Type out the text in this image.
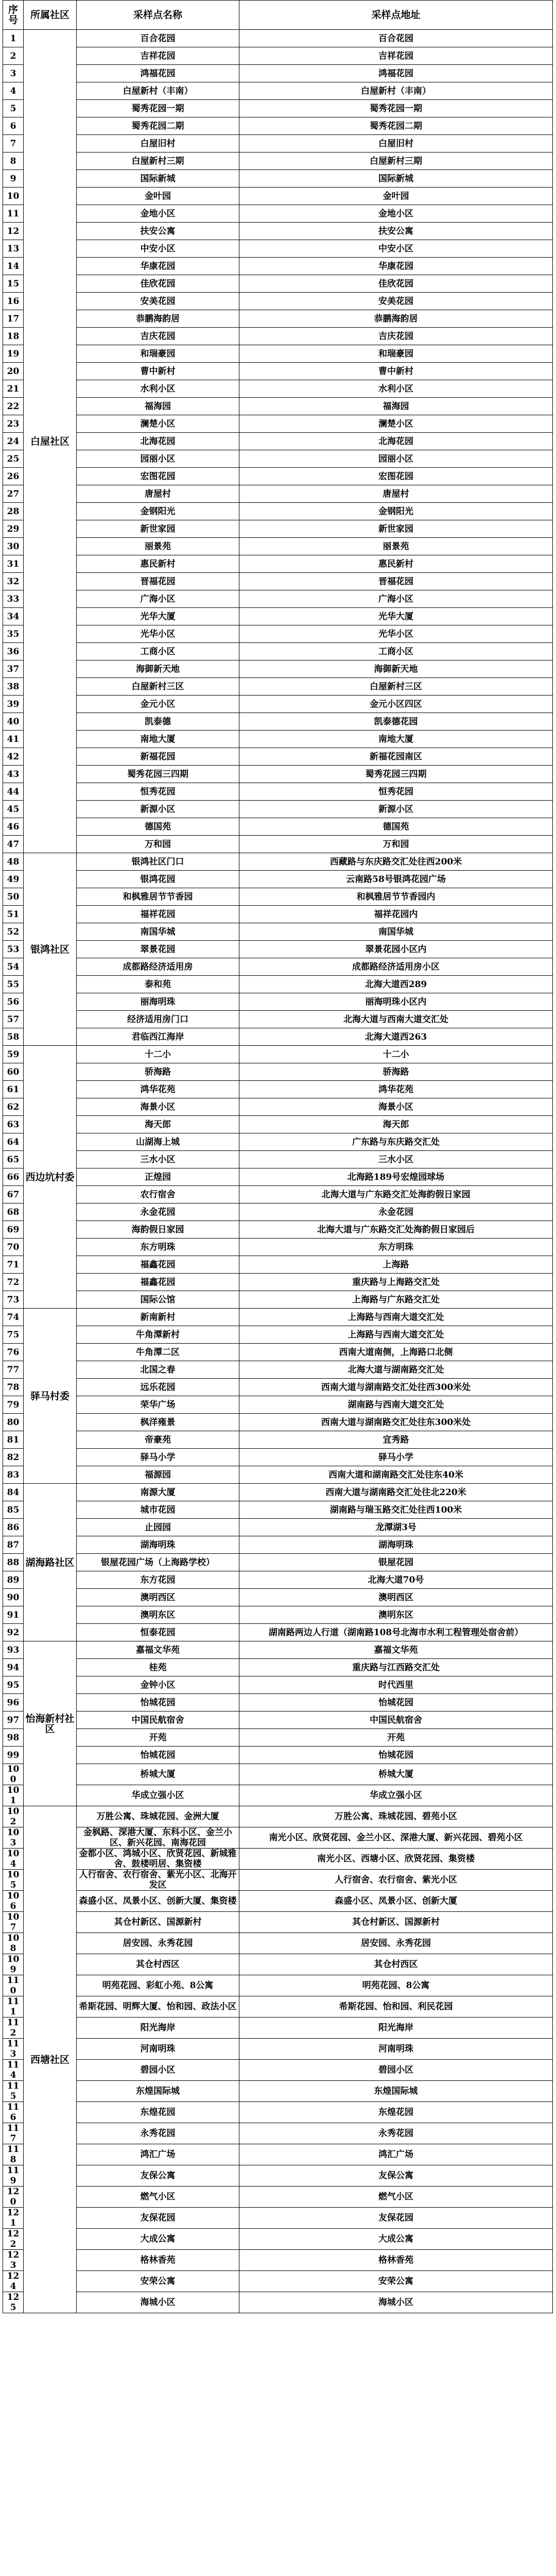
序号	所属社区	采样点名称	采样点地址
1	白屋社区	百合花园	百合花园
2		吉祥花园	吉祥花园
3		鸿福花园	鸿福花园
4		白屋新村（丰南）	白屋新村（丰南）
5		蜀秀花园一期	蜀秀花园一期
6		蜀秀花园二期	蜀秀花园二期
7		白屋旧村	白屋旧村
8		白屋新村三期	白屋新村三期
9		国际新城	国际新城
10		金叶园	金叶园
11		金地小区	金地小区
12		扶安公寓	扶安公寓
13		中安小区	中安小区
14		华康花园	华康花园
15		佳欣花园	佳欣花园
16		安美花园	安美花园
17		恭鹏海韵居	恭鹏海韵居
18		吉庆花园	吉庆花园
19		和瑞豪园	和瑞豪园
20		曹中新村	曹中新村
21		水利小区	水利小区
22		福海园	福海园
23		澜楚小区	澜楚小区
24		北海花园	北海花园
25		园丽小区	园丽小区
26		宏图花园	宏图花园
27		唐屋村	唐屋村
28		金钢阳光	金钢阳光
29		新世家园	新世家园
30		丽景苑	丽景苑
31		惠民新村	惠民新村
32		晋福花园	晋福花园
33		广海小区	广海小区
34		光华大厦	光华大厦
35		光华小区	光华小区
36		工商小区	工商小区
37		海御新天地	海御新天地
38		白屋新村三区	白屋新村三区
39		金元小区	金元小区四区
40		凯泰德	凯泰德花园
41		南地大厦	南地大厦
42		新福花园	新福花园南区
43		蜀秀花园三四期	蜀秀花园三四期
44		恒秀花园	恒秀花园
45		新源小区	新源小区
46		德国苑	德国苑
47		万和园	万和园
48	银鸿社区	银鸿社区门口	西藏路与东庆路交汇处往西200米
49		银鸿花园	云南路58号银鸿花园广场
50		和枫雅居节节香园	和枫雅居节节香园内
51		福祥花园	福祥花园内
52		南国华城	南国华城
53		翠景花园	翠景花园小区内
54		成都路经济适用房	成都路经济适用房小区
55		泰和苑	北海大道西289
56		丽海明珠	丽海明珠小区内
57		经济适用房门口	北海大道与西南大道交汇处
58		君临西江海岸	北海大道西263
59	西边坑村委	十二小	十二小
60		骄海路	骄海路
61		鸿华花苑	鸿华花苑
62		海景小区	海景小区
63		海天郎	海天郎
64		山湖海上城	广东路与东庆路交汇处
65		三水小区	三水小区
66		正煌园	北海路189号宏煌园球场
67		农行宿舍	北海大道与广东路交汇处海韵假日家园
68		永金花园	永金花园
69		海韵假日家园	北海大道与广东路交汇处海韵假日家园后
70		东方明珠	东方明珠
71		福鑫花园	上海路
72		福鑫花园	重庆路与上海路交汇处
73		国际公馆	上海路与广东路交汇处
74	驿马村委	新南新村	上海路与西南大道交汇处
75		牛角潭新村	上海路与西南大道交汇处
76		牛角潭二区	西南大道南侧，上海路口北侧
77		北国之春	北海大道与湖南路交汇处
78		远乐花园	西南大道与湖南路交汇处往西300米处
79		荣华广场	湖南路与西南大道交汇处
80		枫洋雍景	西南大道与湖南路交汇处往东300米处
81		帝豪苑	宜秀路
82		驿马小学	驿马小学
83		福源园	西南大道和湖南路交汇处往东40米
84	湖海路社区	南源大厦	西南大道与湖南路交汇处往北220米
85		城市花园	湖南路与瑞玉路交汇处往西100米
86		止园园	龙潭湖3号
87		湖海明珠	湖海明珠
88		银屋花园广场（上海路学校）	银屋花园
89		东方花园	北海大道70号
90		澳明西区	澳明西区
91		澳明东区	澳明东区
92		恒泰花园	湖南路两边人行道（湖南路108号北海市水利工程管理处宿舍前）
93	怡海新村社区	嘉福文华苑	嘉福文华苑
94		桂苑	重庆路与江西路交汇处
95		金钟小区	时代西里
96		怡城花园	怡城花园
97		中国民航宿舍	中国民航宿舍
98		开苑	开苑
99		怡城花园	怡城花园
100		桥城大厦	桥城大厦
101		华成立强小区	华成立强小区
102	西塘社区	万胜公寓、珠城花园、金洲大厦	万胜公寓、珠城花园、碧苑小区
103		金枫路、深港大厦、东科小区、金兰小区、新兴花园、南海花园	南光小区、欣贤花园、金兰小区、深港大厦、新兴花园、碧苑小区
104		金都小区、鸿城小区、欣贤花园、新城雅舍、鼓楼明居、集资楼	南光小区、西塘小区、欣贤花园、集资楼
105		人行宿舍、农行宿舍、紫光小区、北海开发区	人行宿舍、农行宿舍、紫光小区
106		森盛小区、凤景小区、创新大厦、集资楼	森盛小区、凤景小区、创新大厦
107		其仓村新区、国源新村	其仓村新区、国源新村
108		居安园、永秀花园	居安园、永秀花园
109		其仓村西区	其仓村西区
110		明苑花园、彩虹小苑、8公寓	明苑花园、8公寓
111		希斯花园、明辉大厦、怡和园、政法小区	希斯花园、怡和园、利民花园
112		阳光海岸	阳光海岸
113		河南明珠	河南明珠
114		碧园小区	碧园小区
115		东煌国际城	东煌国际城
116		东煌花园	东煌花园
117		永秀花园	永秀花园
118		鸿汇广场	鸿汇广场
119		友保公寓	友保公寓
120		燃气小区	燃气小区
121		友保花园	友保花园
122		大成公寓	大成公寓
123		格林香苑	格林香苑
124		安荣公寓	安荣公寓
125		海城小区	海城小区
